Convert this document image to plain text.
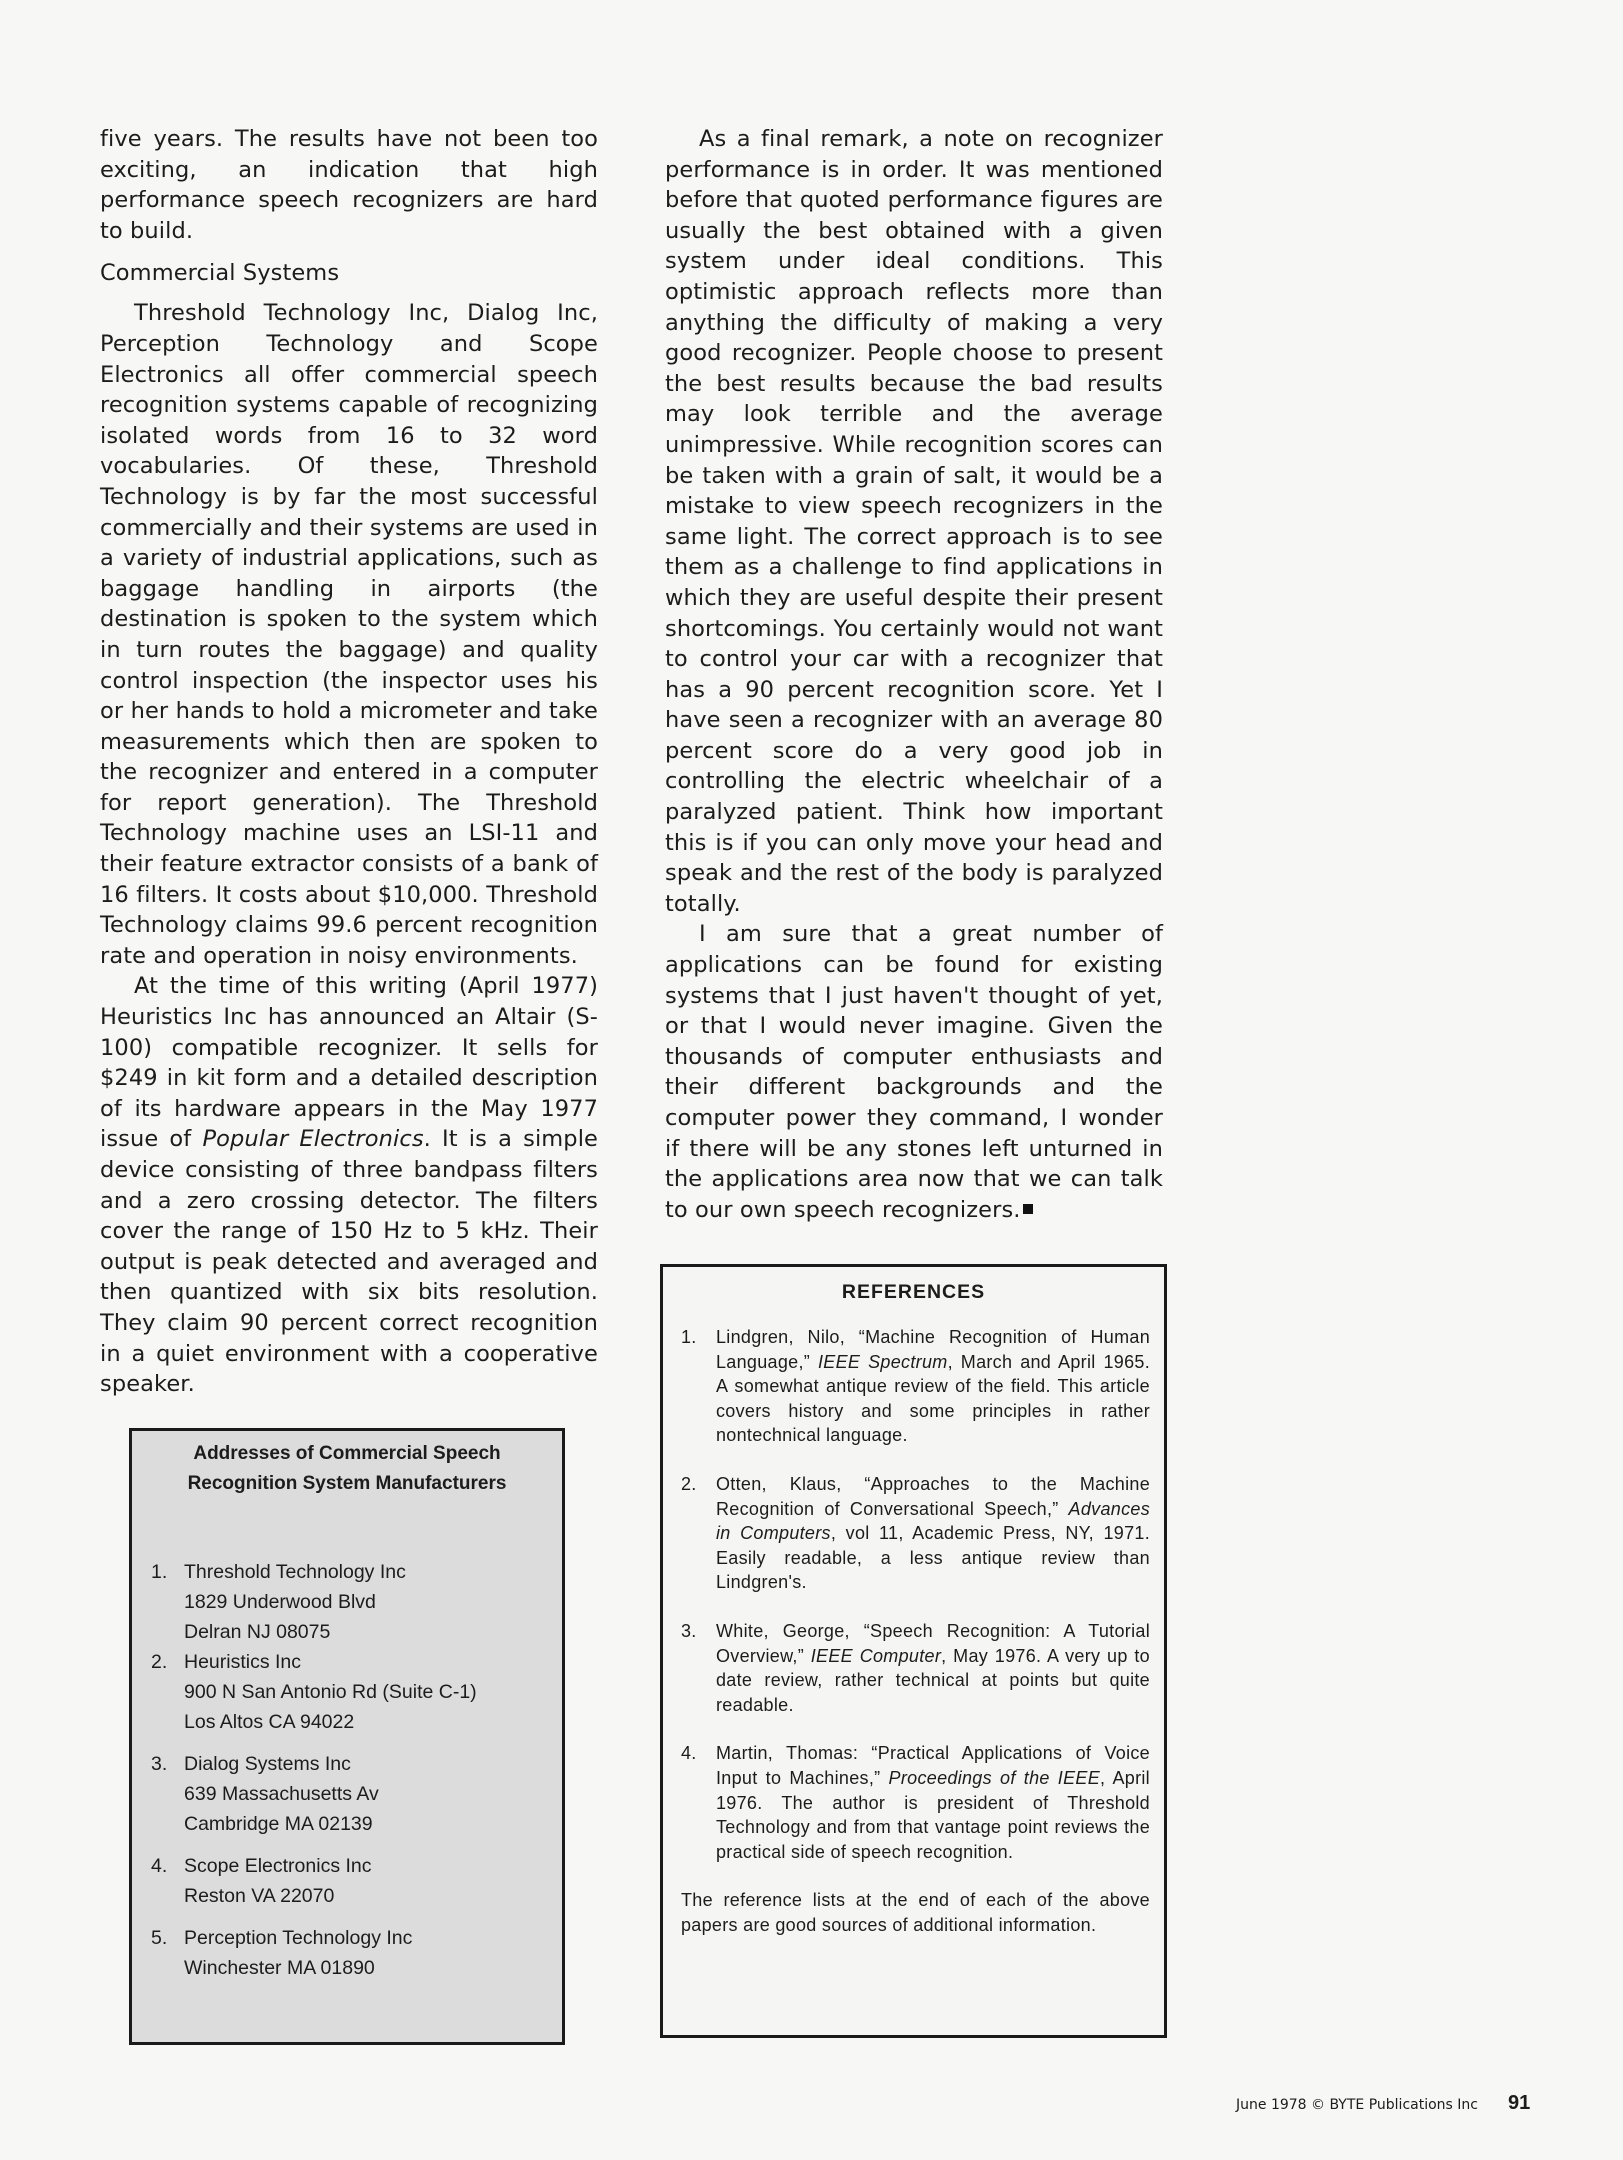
five years. The results have not been too exciting, an indication that high performance speech recognizers are hard to build.

Commercial Systems

Threshold Technology Inc, Dialog Inc, Perception Technology and Scope Electronics all offer commercial speech recognition systems capable of recognizing isolated words from 16 to 32 word vocabularies. Of these, Threshold Technology is by far the most successful commercially and their systems are used in a variety of industrial applications, such as baggage handling in airports (the destination is spoken to the system which in turn routes the baggage) and quality control inspection (the inspector uses his or her hands to hold a micrometer and take measurements which then are spoken to the recognizer and entered in a computer for report generation). The Threshold Technology machine uses an LSI-11 and their feature extractor consists of a bank of 16 filters. It costs about $10,000. Threshold Technology claims 99.6 percent recognition rate and operation in noisy environments.

At the time of this writing (April 1977) Heuristics Inc has announced an Altair (S-100) compatible recognizer. It sells for $249 in kit form and a detailed description of its hardware appears in the May 1977 issue of Popular Electronics. It is a simple device consisting of three bandpass filters and a zero crossing detector. The filters cover the range of 150 Hz to 5 kHz. Their output is peak detected and averaged and then quantized with six bits resolution. They claim 90 percent correct recognition in a quiet environment with a cooperative speaker.

As a final remark, a note on recognizer performance is in order. It was mentioned before that quoted performance figures are usually the best obtained with a given system under ideal conditions. This optimistic approach reflects more than anything the difficulty of making a very good recognizer. People choose to present the best results because the bad results may look terrible and the average unimpressive. While recognition scores can be taken with a grain of salt, it would be a mistake to view speech recognizers in the same light. The correct approach is to see them as a challenge to find applications in which they are useful despite their present shortcomings. You certainly would not want to control your car with a recognizer that has a 90 percent recognition score. Yet I have seen a recognizer with an average 80 percent score do a very good job in controlling the electric wheelchair of a paralyzed patient. Think how important this is if you can only move your head and speak and the rest of the body is paralyzed totally.

I am sure that a great number of applications can be found for existing systems that I just haven't thought of yet, or that I would never imagine. Given the thousands of computer enthusiasts and their different backgrounds and the computer power they command, I wonder if there will be any stones left unturned in the applications area now that we can talk to our own speech recognizers.

Addresses of Commercial Speech Recognition System Manufacturers
1. Threshold Technology Inc
1829 Underwood Blvd
Delran NJ 08075
2. Heuristics Inc
900 N San Antonio Rd (Suite C-1)
Los Altos CA 94022
3. Dialog Systems Inc
639 Massachusetts Av
Cambridge MA 02139
4. Scope Electronics Inc
Reston VA 22070
5. Perception Technology Inc
Winchester MA 01890
REFERENCES
1.	Lindgren, Nilo, “Machine Recognition of Human Language,” IEEE Spectrum, March and April 1965. A somewhat antique review of the field. This article covers history and some principles in rather nontechnical language.
2.	Otten, Klaus, “Approaches to the Machine Recognition of Conversational Speech,” Advances in Computers, vol 11, Academic Press, NY, 1971. Easily readable, a less antique review than Lindgren's.
3.	White, George, “Speech Recognition: A Tutorial Overview,” IEEE Computer, May 1976. A very up to date review, rather technical at points but quite readable.
4.	Martin, Thomas: “Practical Applications of Voice Input to Machines,” Proceedings of the IEEE, April 1976. The author is president of Threshold Technology and from that vantage point reviews the practical side of speech recognition.
The reference lists at the end of each of the above papers are good sources of additional information.
June 1978 © BYTE Publications Inc 91
